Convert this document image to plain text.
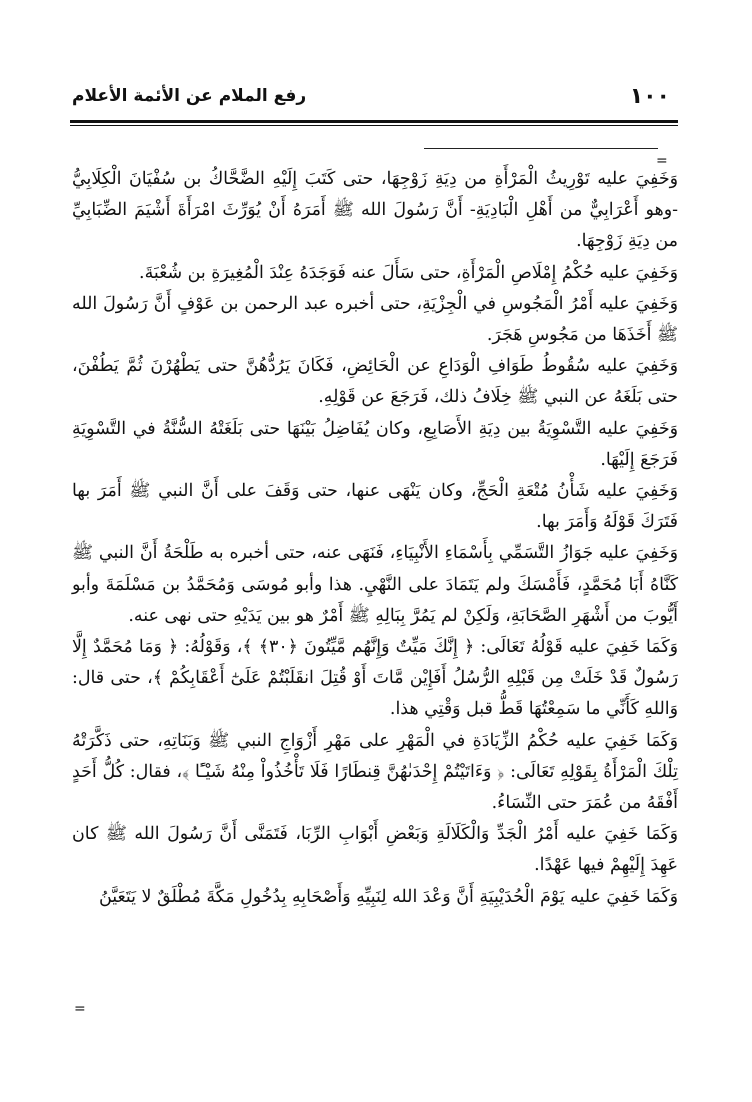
١٠٠
رفع الملام عن الأئمة الأعلام
=

وَخَفِيَ عليه تَوْرِيثُ الْمَرْأَةِ من دِيَةِ زَوْجِهَا، حتى كَتَبَ إِلَيْهِ الضَّحَّاكُ بن سُفْيَانَ الْكِلَابِيُّ -وهو أَعْرَابِيٌّ من أَهْلِ الْبَادِيَةِ- أَنَّ رَسُولَ الله ﷺ أَمَرَهُ أَنْ يُوَرِّثَ امْرَأَةَ أَشْيَمَ الضِّبَابِيِّ من دِيَةِ زَوْجِهَا.

وَخَفِيَ عليه حُكْمُ إِمْلَاصِ الْمَرْأَةِ، حتى سَأَلَ عنه فَوَجَدَهُ عِنْدَ الْمُغِيرَةِ بن شُعْبَةَ.

وَخَفِيَ عليه أَمْرُ الْمَجُوسِ في الْجِزْيَةِ، حتى أخبره عبد الرحمن بن عَوْفٍ أَنَّ رَسُولَ الله ﷺ أَخَذَهَا من مَجُوسِ هَجَرَ.

وَخَفِيَ عليه سُقُوطُ طَوَافِ الْوَدَاعِ عن الْحَائِضِ، فَكَانَ يَرُدُّهُنَّ حتى يَطْهُرْنَ ثُمَّ يَطُفْنَ، حتى بَلَغَهُ عن النبي ﷺ خِلَافُ ذلك، فَرَجَعَ عن قَوْلِهِ.

وَخَفِيَ عليه التَّسْوِيَةُ بين دِيَةِ الأَصَابِعِ، وكان يُفَاضِلُ بَيْنَهَا حتى بَلَغَتْهُ السُّنَّةُ في التَّسْوِيَةِ فَرَجَعَ إِلَيْهَا.

وَخَفِيَ عليه شَأْنُ مُتْعَةِ الْحَجِّ، وكان يَنْهَى عنها، حتى وَقَفَ على أَنَّ النبي ﷺ أَمَرَ بها فَتَرَكَ قَوْلَهُ وَأَمَرَ بها.

وَخَفِيَ عليه جَوَازُ التَّسَمِّي بِأَسْمَاءِ الأَنْبِيَاءِ، فَنَهَى عنه، حتى أخبره به طَلْحَةُ أَنَّ النبي ﷺ كَنَّاهُ أَبَا مُحَمَّدٍ، فَأَمْسَكَ ولم يَتَمَادَ على النَّهْيِ. هذا وأبو مُوسَى وَمُحَمَّدُ بن مَسْلَمَةَ وأبو أَيُّوبَ من أَشْهَرِ الصَّحَابَةِ، وَلَكِنْ لم يَمُرَّ بِبَالِهِ ﷺ أَمْرٌ هو بين يَدَيْهِ حتى نهى عنه.

وَكَمَا خَفِيَ عليه قَوْلُهُ تَعَالَى: ﴿ إِنَّكَ مَيِّتٌ وَإِنَّهُم مَّيِّتُونَ ﴿٣٠﴾ ﴾، وَقَوْلُهُ: ﴿ وَمَا مُحَمَّدٌ إِلَّا رَسُولٌ قَدْ خَلَتْ مِن قَبْلِهِ الرُّسُلُ أَفَإِيْن مَّاتَ أَوْ قُتِلَ انقَلَبْتُمْ عَلَىٰٓ أَعْقَابِكُمْ ﴾، حتى قال: وَاللهِ كَأَنِّي ما سَمِعْتُهَا قَطُّ قبل وَقْتِي هذا.

وَكَمَا خَفِيَ عليه حُكْمُ الزِّيَادَةِ في الْمَهْرِ على مَهْرِ أَزْوَاجِ النبي ﷺ وَبَنَاتِهِ، حتى ذَكَّرَتْهُ تِلْكَ الْمَرْأَةُ بِقَوْلِهِ تَعَالَى: ﴿ وَءَاتَيْتُمْ إِحْدَىٰهُنَّ قِنطَارًا فَلَا تَأْخُذُواْ مِنْهُ شَيْـًٔا ﴾، فقال: كُلُّ أَحَدٍ أَفْقَهُ من عُمَرَ حتى النِّسَاءُ.

وَكَمَا خَفِيَ عليه أَمْرُ الْجَدِّ وَالْكَلَالَةِ وَبَعْضِ أَبْوَابِ الرِّبَا، فَتَمَنَّى أَنَّ رَسُولَ الله ﷺ كان عَهِدَ إِلَيْهِمْ فيها عَهْدًا.

وَكَمَا خَفِيَ عليه يَوْمَ الْحُدَيْبِيَةِ أَنَّ وَعْدَ الله لِنَبِيِّهِ وَأَصْحَابِهِ بِدُخُولِ مَكَّةَ مُطْلَقٌ لا يَتَعَيَّنُ

=
